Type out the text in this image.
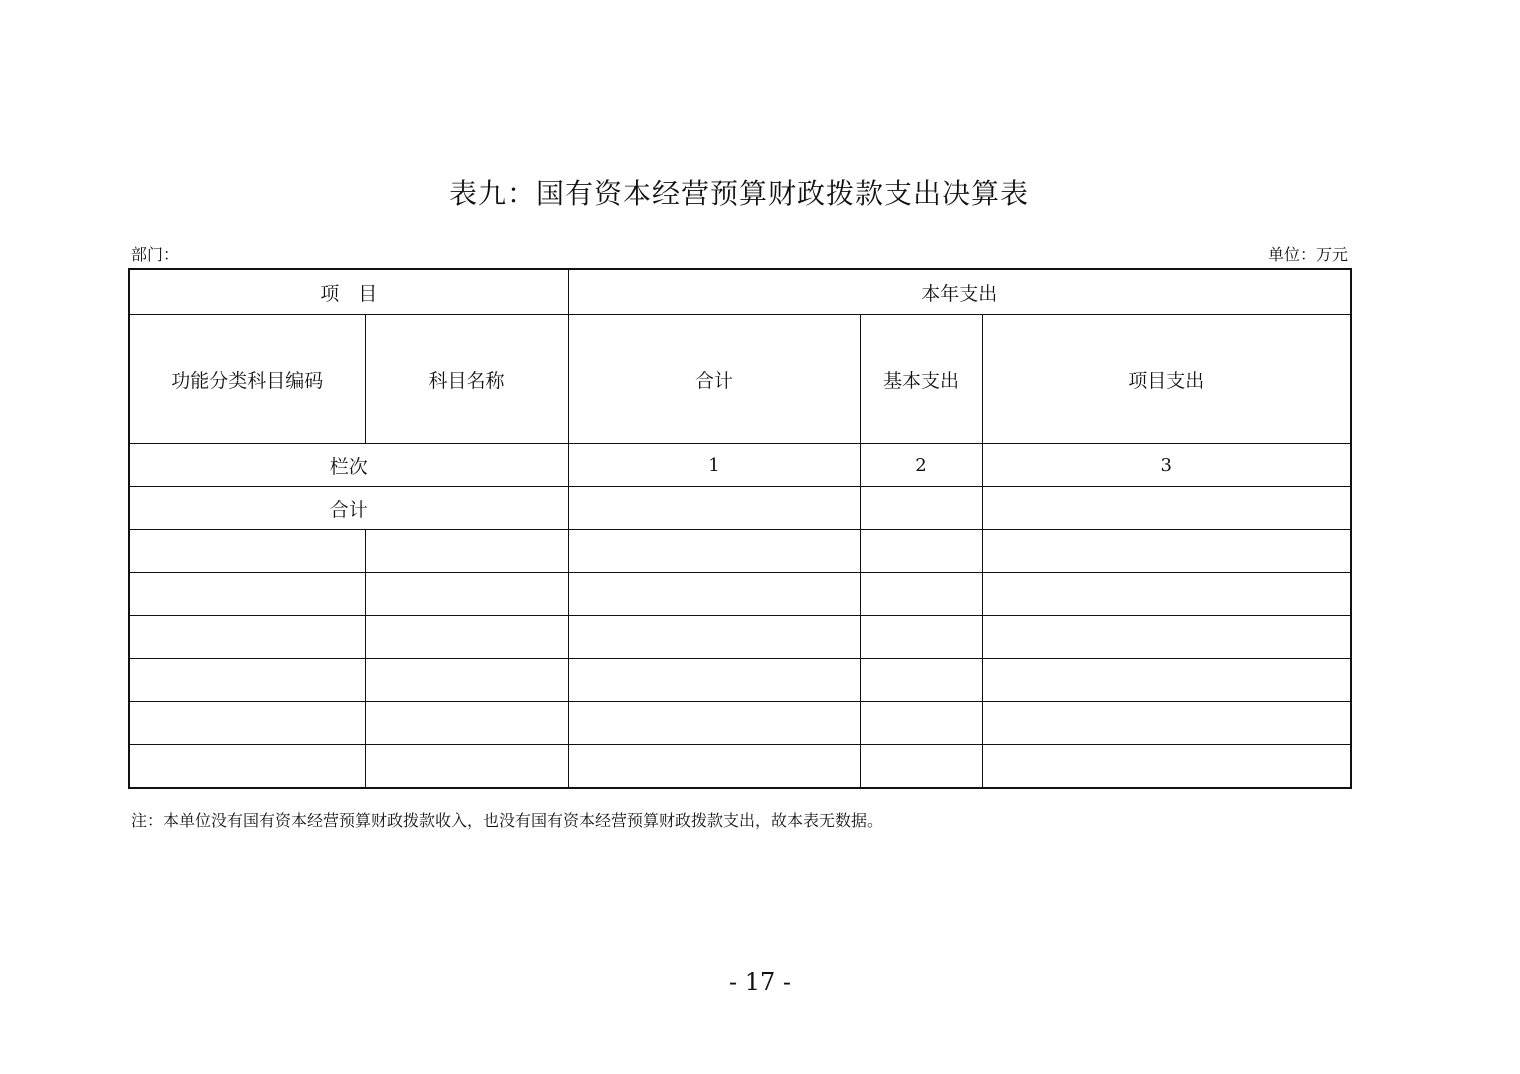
表九：国有资本经营预算财政拨款支出决算表
部门：	单位：万元
项　目		本年支出		
功能分类科目编码	科目名称	合计	基本支出	项目支出
栏次		1	2	3
合计				

注：本单位没有国有资本经营预算财政拨款收入，也没有国有资本经营预算财政拨款支出，故本表无数据。
- 17 -
